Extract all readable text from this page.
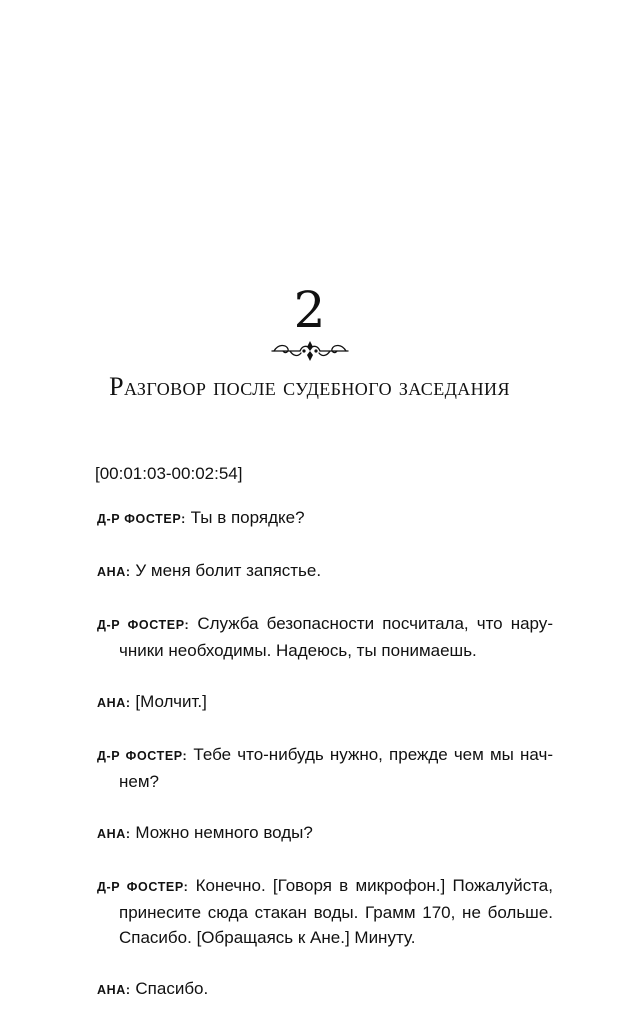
2
Разговор после судебного заседания
[00:01:03-00:02:54]

Д-Р ФОСТЕР: Ты в порядке?

АНА: У меня болит запястье.

Д-Р ФОСТЕР: Служба безопасности посчитала, что наручники необходимы. Надеюсь, ты понимаешь.

АНА: [Молчит.]

Д-Р ФОСТЕР: Тебе что-нибудь нужно, прежде чем мы начнем?

АНА: Можно немного воды?

Д-Р ФОСТЕР: Конечно. [Говоря в микрофон.] Пожалуйста, принесите сюда стакан воды. Грамм 170, не больше. Спасибо. [Обращаясь к Ане.] Минуту.

АНА: Спасибо.
